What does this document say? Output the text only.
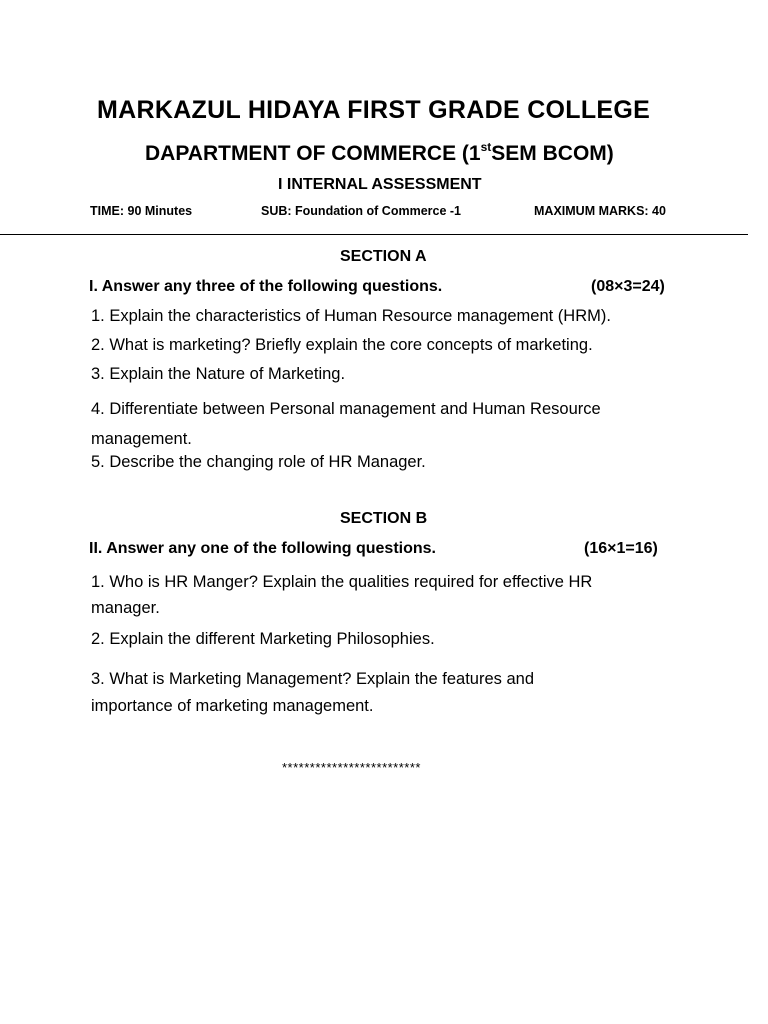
MARKAZUL HIDAYA FIRST GRADE COLLEGE
DAPARTMENT OF COMMERCE (1stSEM BCOM)
I INTERNAL ASSESSMENT
TIME: 90 Minutes	SUB: Foundation of Commerce -1	MAXIMUM MARKS: 40
SECTION A
I. Answer any three of the following questions.	(08×3=24)
1. Explain the characteristics of Human Resource management (HRM).
2. What is marketing? Briefly explain the core concepts of marketing.
3. Explain the Nature of Marketing.
4. Differentiate between Personal management and Human Resource management.
5. Describe the changing role of HR Manager.
SECTION B
II. Answer any one of the following questions.	(16×1=16)
1. Who is HR Manger? Explain the qualities required for effective HR manager.
2. Explain the different Marketing Philosophies.
3. What is Marketing Management? Explain the features and importance of marketing management.
*************************
